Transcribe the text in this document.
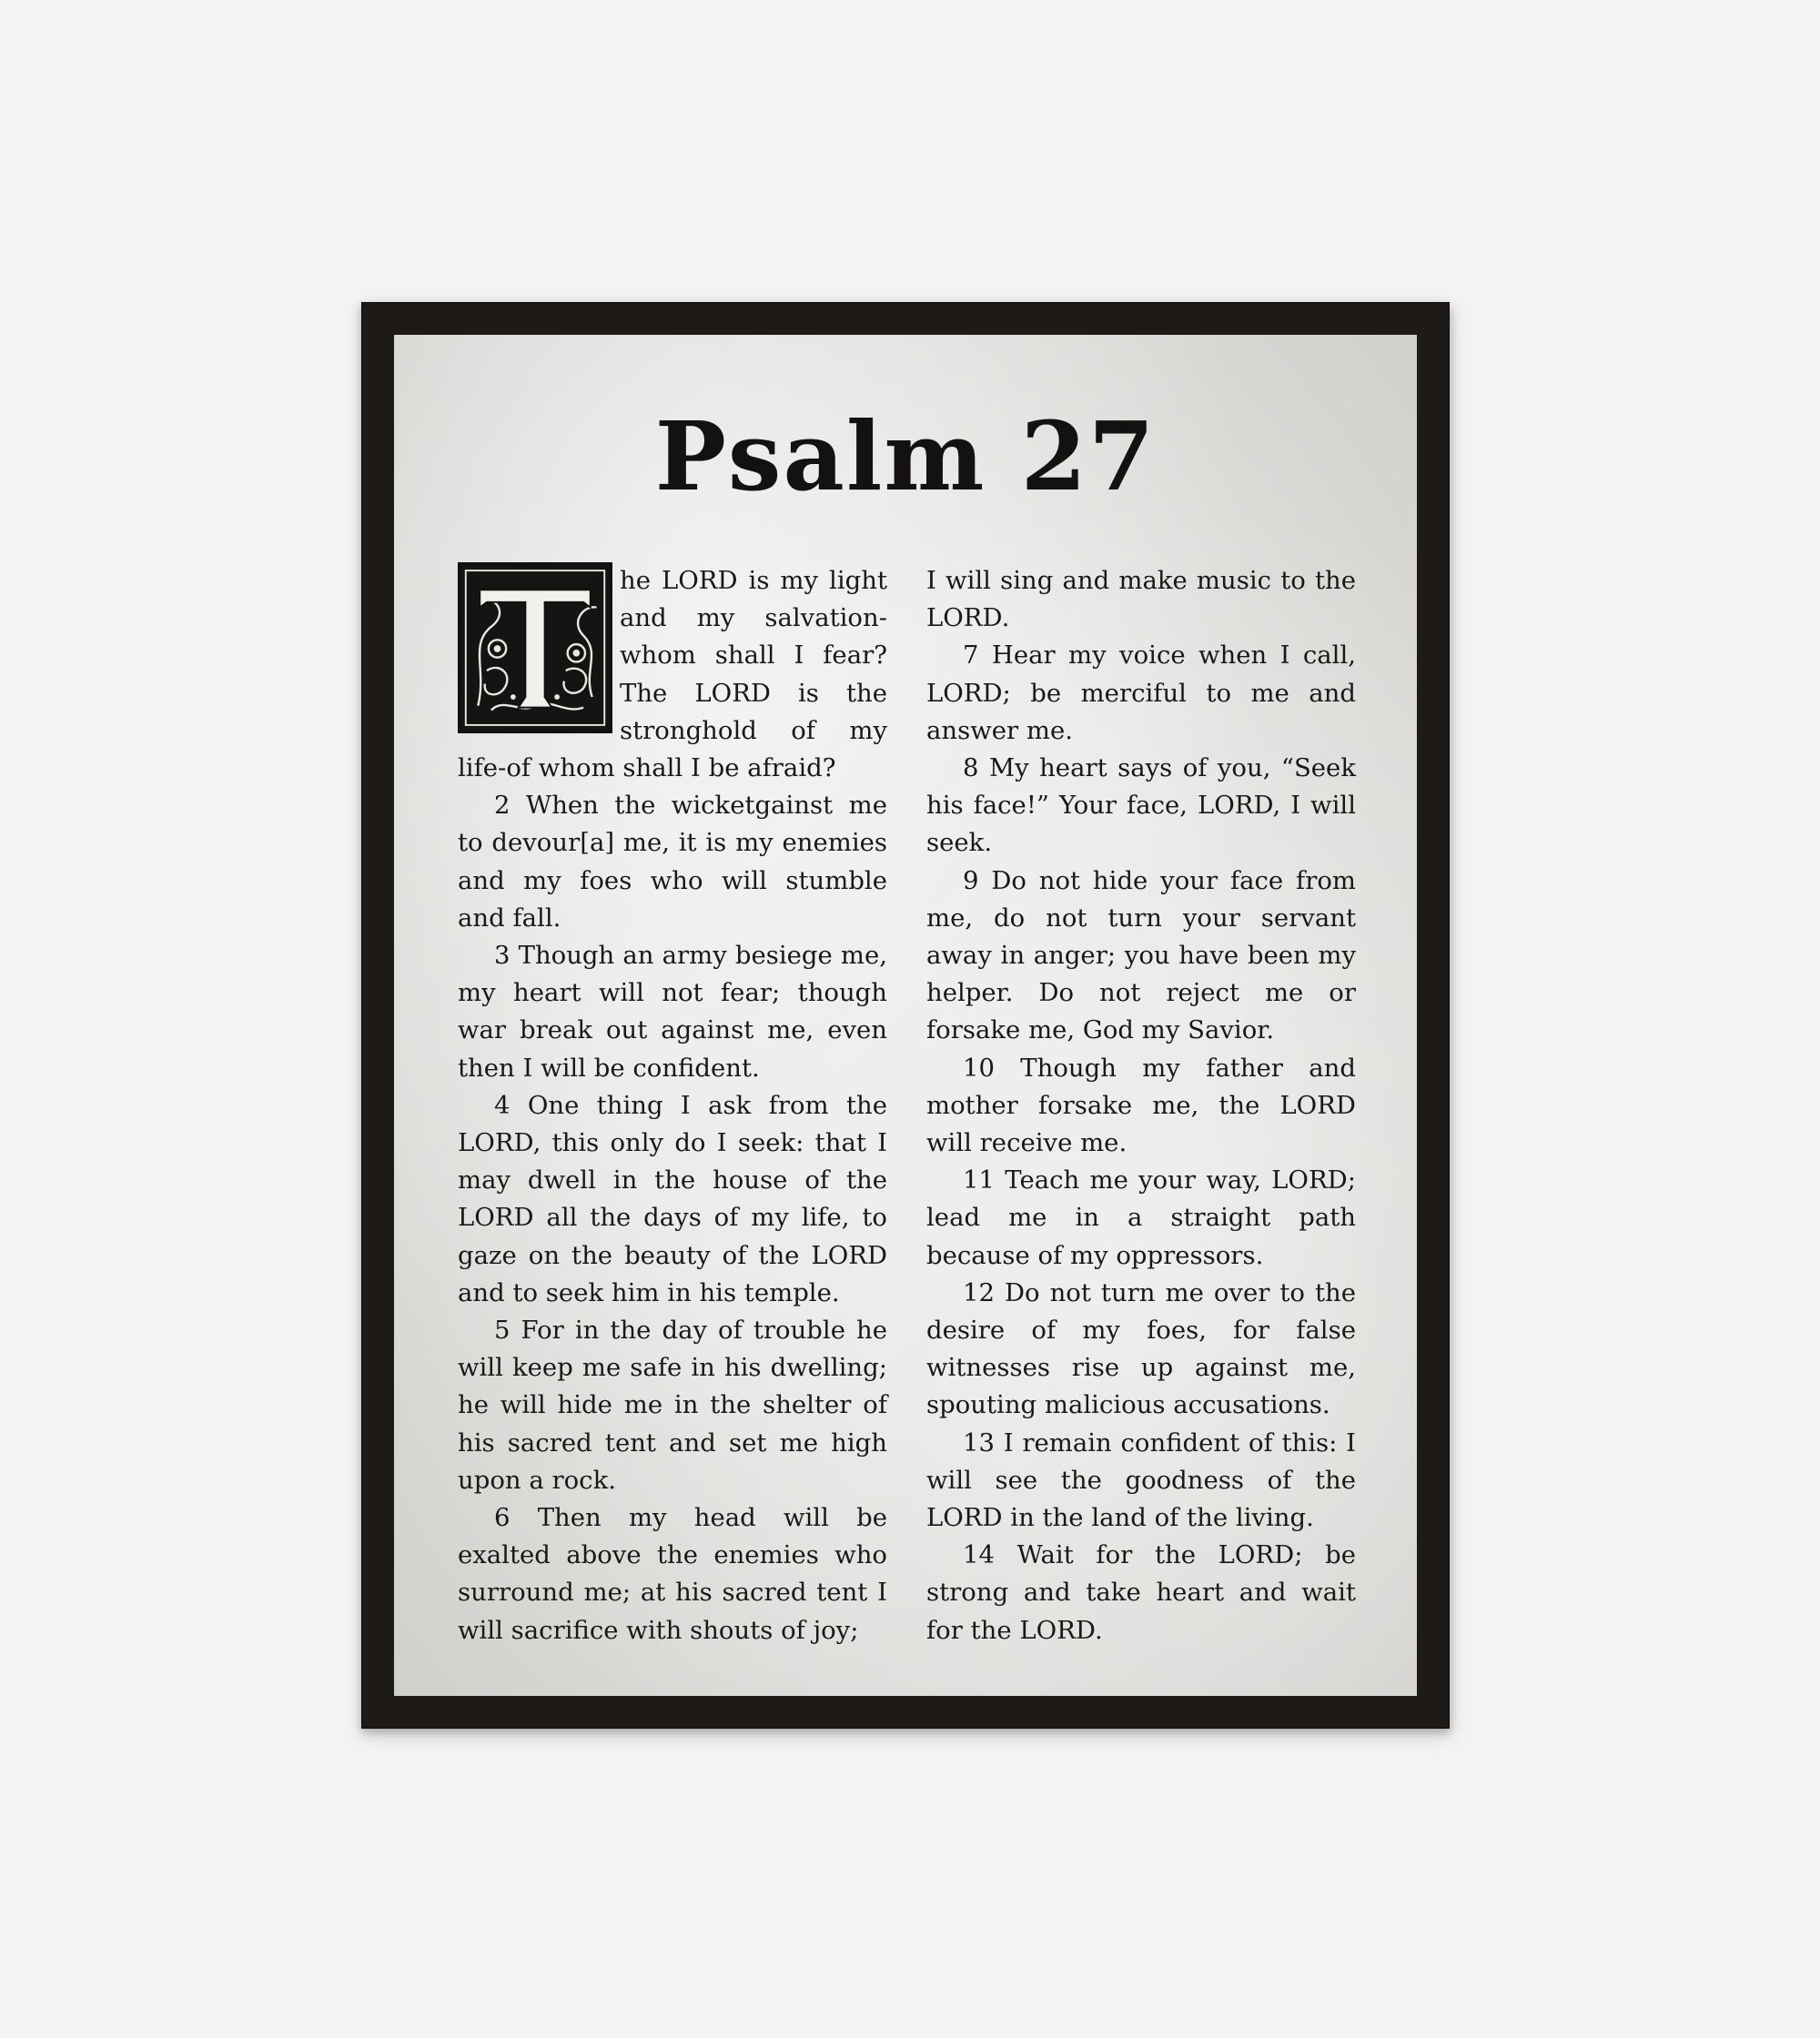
Psalm 27

he LORD is my light and my salvation-whom shall I fear? The LORD is the stronghold of my life-of whom shall I be afraid?

2 When the wicketgainst me to devour[a] me, it is my enemies and my foes who will stumble and fall.

3 Though an army besiege me, my heart will not fear; though war break out against me, even then I will be confident.

4 One thing I ask from the LORD, this only do I seek: that I may dwell in the house of the LORD all the days of my life, to gaze on the beauty of the LORD and to seek him in his temple.

5 For in the day of trouble he will keep me safe in his dwelling; he will hide me in the shelter of his sacred tent and set me high upon a rock.

6 Then my head will be exalted above the enemies who surround me; at his sacred tent I will sacrifice with shouts of joy;

I will sing and make music to the LORD.

7 Hear my voice when I call, LORD; be merciful to me and answer me.

8 My heart says of you, “Seek his face!” Your face, LORD, I will seek.

9 Do not hide your face from me, do not turn your servant away in anger; you have been my helper. Do not reject me or forsake me, God my Savior.

10 Though my father and mother forsake me, the LORD will receive me.

11 Teach me your way, LORD; lead me in a straight path because of my oppressors.

12 Do not turn me over to the desire of my foes, for false witnesses rise up against me, spouting malicious accusations.

13 I remain confident of this: I will see the goodness of the LORD in the land of the living.

14 Wait for the LORD; be strong and take heart and wait for the LORD.
